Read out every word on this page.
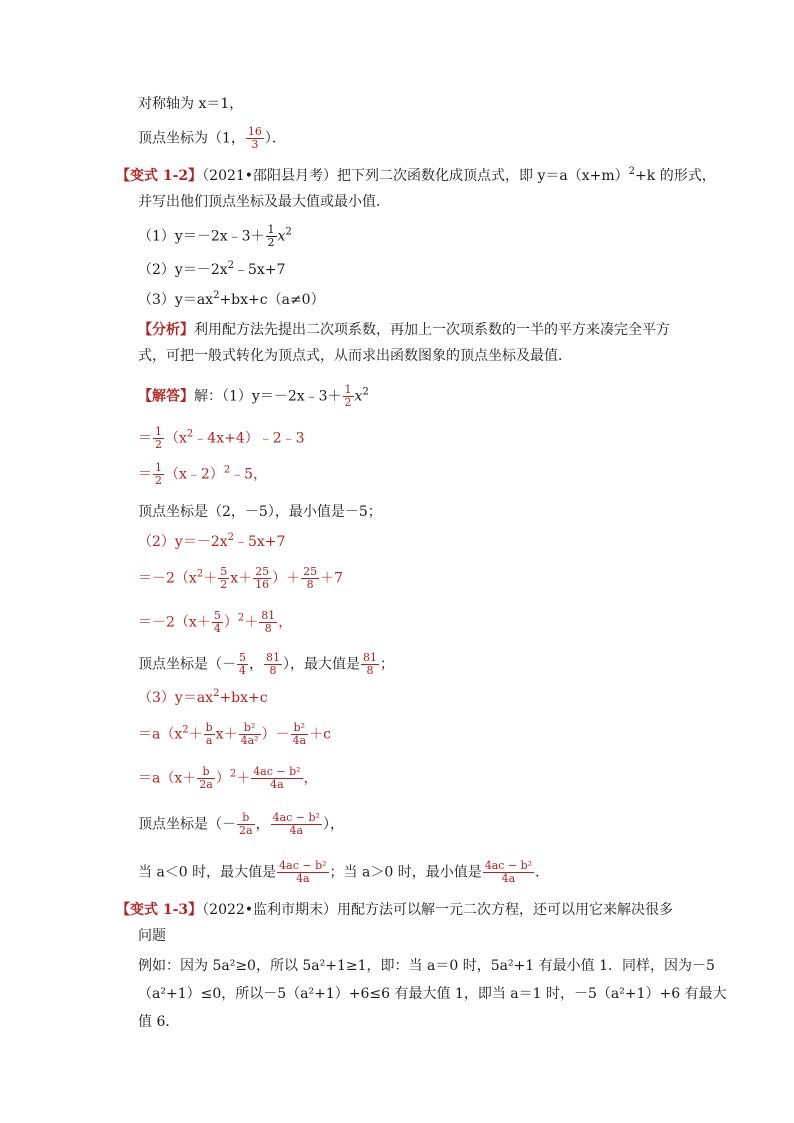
对称轴为 x＝1，
顶点坐标为（1， $\frac{16}{3}$ ）．
【变式 1-2】（2021•邵阳县月考）把下列二次函数化成顶点式，即 $y=a(x+m)^2+k$ 的形式，
并写出他们顶点坐标及最大值或最小值．
（1）y＝－2x﹣3＋ $\frac{1}{2} x^2$
$(2)y=-2x^2﹣5x+7$
$(3)y=ax^2+bx+c(a\ne 0)$
【分析】利用配方法先提出二次项系数，再加上一次项系数的一半的平方来凑完全平方
式，可把一般式转化为顶点式，从而求出函数图象的顶点坐标及最值．
【解答】解：（1）y＝－2x﹣3＋ $\frac{1}{2} x^2$
＝ $\frac{1}{2}$ $(x^2﹣4x+4)﹣2﹣3$
＝ $\frac{1}{2}$ （x﹣2）$^2$﹣5，
顶点坐标是（2，－5），最小值是－5；
$(2)y=-2x^2﹣5x+7$
$=-2(x^2+ \frac{5}{2} x+ \frac{25}{16}$ ）＋ $\frac{25}{8} +7$
$=-2(x+ \frac{5}{4} )^2+ \frac{81}{8}$ ，
顶点坐标是（－ $\frac{5}{4}$ ， $\frac{81}{8}$ ），最大值是 $\frac{81}{8}$ ；
$(3)y=ax^2+bx+c$
$=a(x^2+ \frac{b}{a} x+ \frac{\text{b²}}{\text{4a²}}$ ）－ $\frac{\text{b²}}{4a} +c$
$=a(x+ \frac{b}{2a} )^2+ \frac{\text{4ac − b²}}{4a}$ ，
顶点坐标是（－ $\frac{b}{2a}$ ， $\frac{\text{4ac − b²}}{4a}$ ），
当 a＜0 时，最大值是 $\frac{\text{4ac − b²}}{4a}$ ；当 a＞0 时，最小值是 $\frac{\text{4ac − b²}}{4a}$ ．
【变式 1-3】（2022•监利市期末）用配方法可以解一元二次方程，还可以用它来解决很多
问题
例如：因为 5a²≥0，所以 5a²+1≥1，即：当 a＝0 时，5a²+1 有最小值 1．同样，因为－5
（a²+1）≤0，所以－5（a²+1）+6≤6 有最大值 1，即当 a＝1 时，－5（a²+1）+6 有最大
值 6．
